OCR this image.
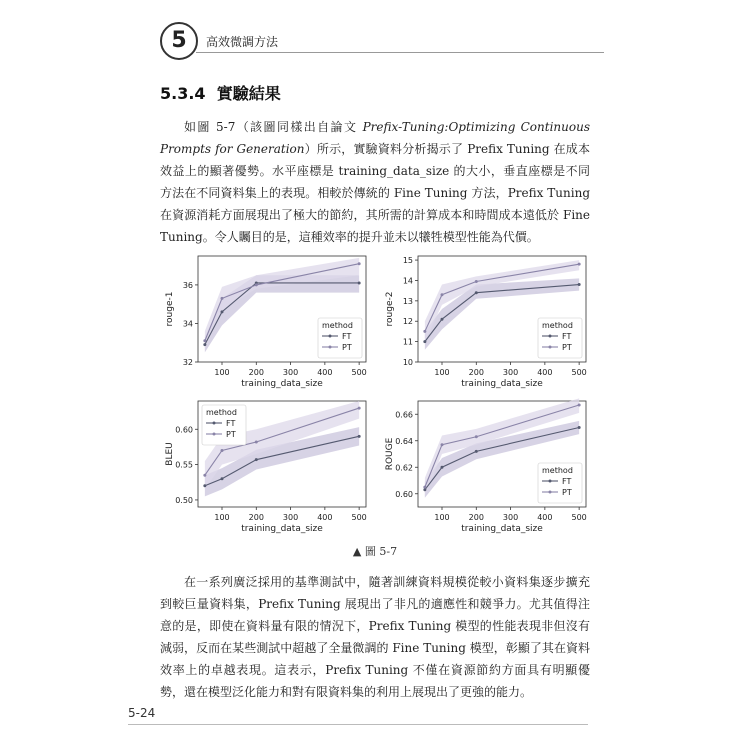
5	高效微調方法
5.3.4 實驗結果

如圖 5-7（該圖同樣出自論文 Prefix-Tuning:Optimizing Continuous Prompts for Generation）所示，實驗資料分析揭示了 Prefix Tuning 在成本效益上的顯著優勢。水平座標是 training_data_size 的大小，垂直座標是不同方法在不同資料集上的表現。相較於傳統的 Fine Tuning 方法，Prefix Tuning 在資源消耗方面展現出了極大的節約，其所需的計算成本和時間成本遠低於 Fine Tuning。令人矚目的是，這種效率的提升並未以犧牲模型性能為代價。

100 200 300 400 500
32
34
36
training_data_size
rouge-1	method
FT
PT
100 200 300 400 500
10
11
12
13
14
15
training_data_size
rouge-2	method
FT
PT
100 200 300 400 500
0.50
0.55
0.60
training_data_size
BLEU
method
FT
PT
100 200 300 400 500
0.60
0.62
0.64
0.66
training_data_size
ROUGE
method
FT
PT
▲ 圖 5-7

在一系列廣泛採用的基準測試中，隨著訓練資料規模從較小資料集逐步擴充到較巨量資料集，Prefix Tuning 展現出了非凡的適應性和競爭力。尤其值得注意的是，即使在資料量有限的情況下，Prefix Tuning 模型的性能表現非但沒有減弱，反而在某些測試中超越了全量微調的 Fine Tuning 模型，彰顯了其在資料效率上的卓越表現。這表示，Prefix Tuning 不僅在資源節約方面具有明顯優勢，還在模型泛化能力和對有限資料集的利用上展現出了更強的能力。

5-24
